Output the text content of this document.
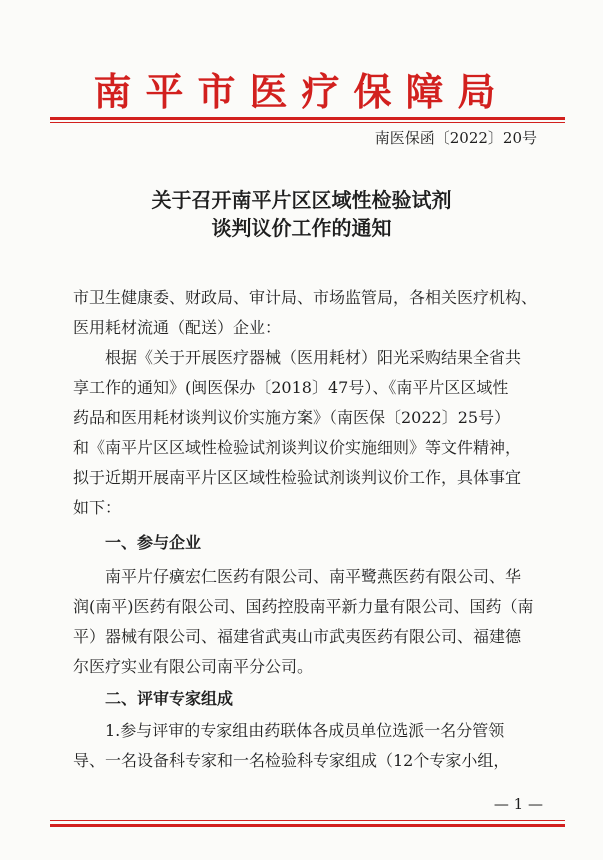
南平市医疗保障局
南医保函〔2022〕20号
关于召开南平片区区域性检验试剂
谈判议价工作的通知
市卫生健康委、财政局、审计局、市场监管局，各相关医疗机构、
医用耗材流通（配送）企业：
根据《关于开展医疗器械（医用耗材）阳光采购结果全省共
享工作的通知》(闽医保办〔2018〕47号）、《南平片区区域性
药品和医用耗材谈判议价实施方案》（南医保〔2022〕25号）
和《南平片区区域性检验试剂谈判议价实施细则》等文件精神，
拟于近期开展南平片区区域性检验试剂谈判议价工作，具体事宜
如下：
一、参与企业
南平片仔癀宏仁医药有限公司、南平鹭燕医药有限公司、华
润(南平)医药有限公司、国药控股南平新力量有限公司、国药（南
平）器械有限公司、福建省武夷山市武夷医药有限公司、福建德
尔医疗实业有限公司南平分公司。
二、评审专家组成
1.参与评审的专家组由药联体各成员单位选派一名分管领
导、一名设备科专家和一名检验科专家组成（12个专家小组，
— 1 —
